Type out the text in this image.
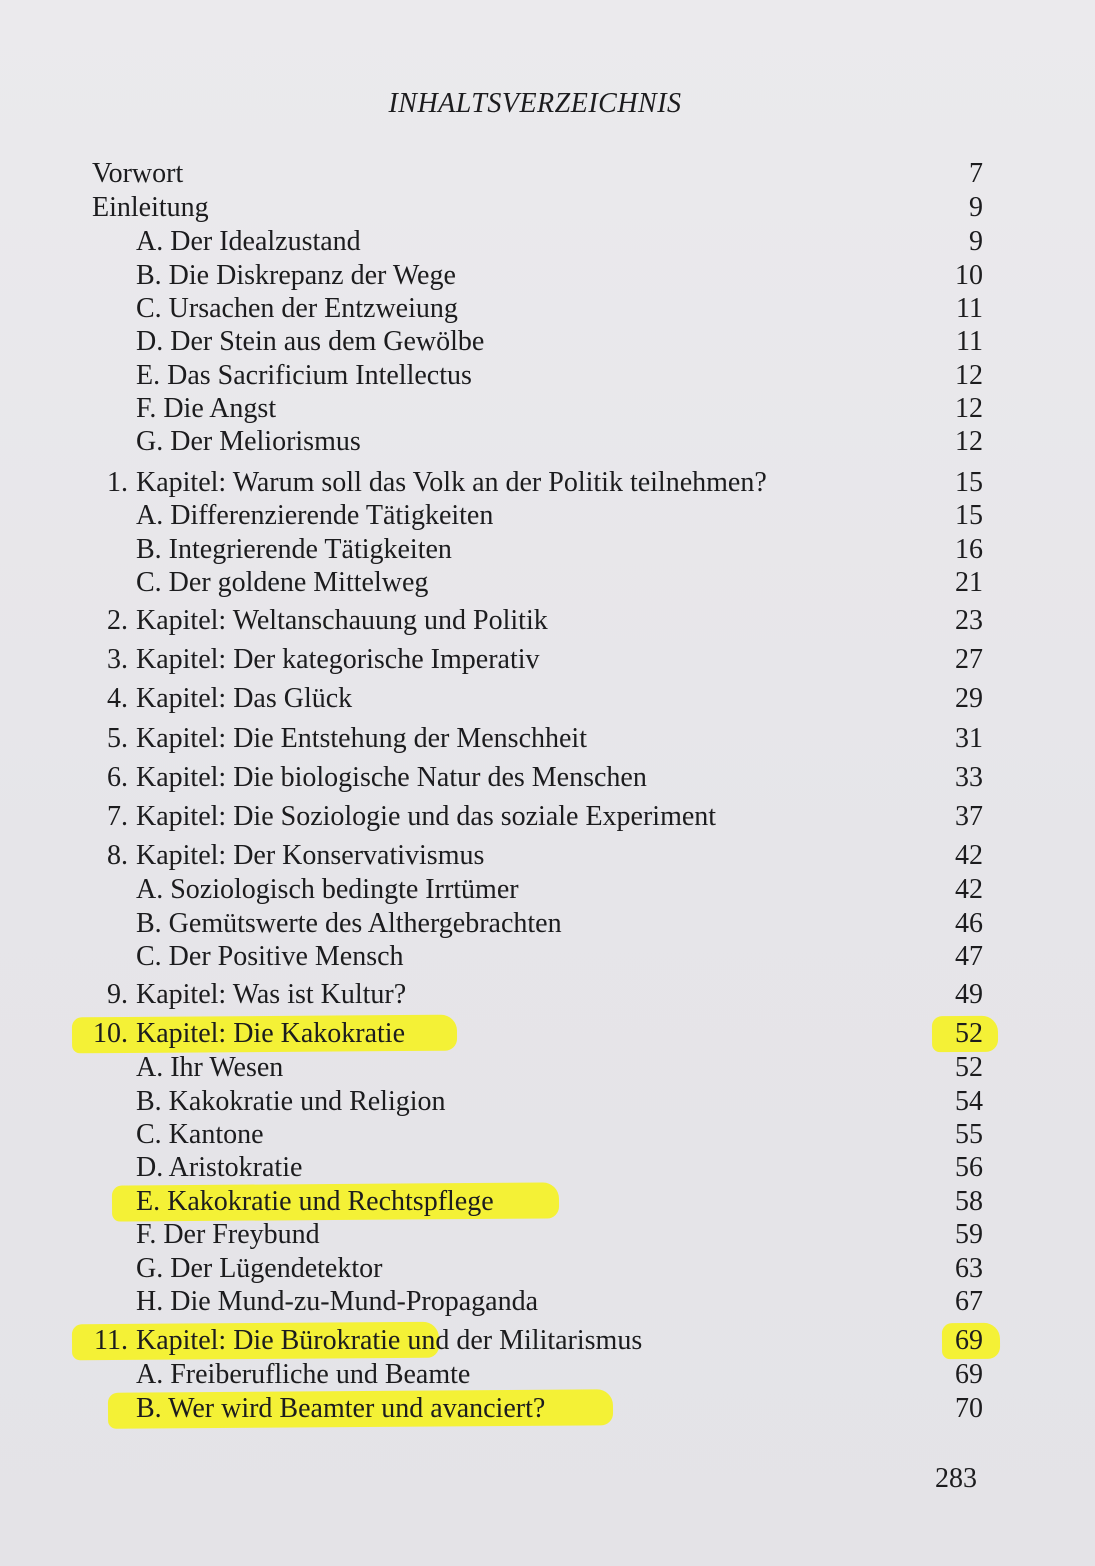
INHALTSVERZEICHNIS
Vorwort	7
Einleitung	9
A. Der Idealzustand	9
B. Die Diskrepanz der Wege	10
C. Ursachen der Entzweiung	11
D. Der Stein aus dem Gewölbe	11
E. Das Sacrificium Intellectus	12
F. Die Angst	12
G. Der Meliorismus	12
1. Kapitel: Warum soll das Volk an der Politik teilnehmen?	15
A. Differenzierende Tätigkeiten	15
B. Integrierende Tätigkeiten	16
C. Der goldene Mittelweg	21
2. Kapitel: Weltanschauung und Politik	23
3. Kapitel: Der kategorische Imperativ	27
4. Kapitel: Das Glück	29
5. Kapitel: Die Entstehung der Menschheit	31
6. Kapitel: Die biologische Natur des Menschen	33
7. Kapitel: Die Soziologie und das soziale Experiment	37
8. Kapitel: Der Konservativismus	42
A. Soziologisch bedingte Irrtümer	42
B. Gemütswerte des Althergebrachten	46
C. Der Positive Mensch	47
9. Kapitel: Was ist Kultur?	49
10. Kapitel: Die Kakokratie	52
A. Ihr Wesen	52
B. Kakokratie und Religion	54
C. Kantone	55
D. Aristokratie	56
E. Kakokratie und Rechtspflege	58
F. Der Freybund	59
G. Der Lügendetektor	63
H. Die Mund-zu-Mund-Propaganda	67
11. Kapitel: Die Bürokratie und der Militarismus	69
A. Freiberufliche und Beamte	69
B. Wer wird Beamter und avanciert?	70
283
